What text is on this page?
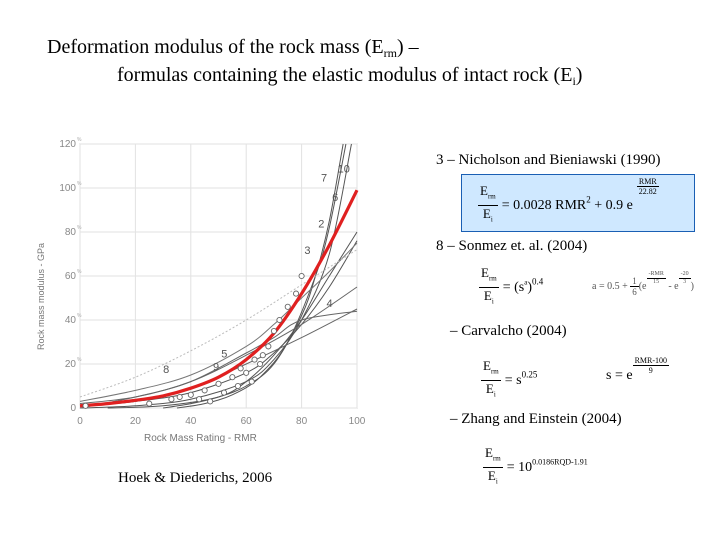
Deformation modulus of the rock mass $(E_{rm})$ –
formulas containing the elastic modulus of intact rock $(E_i)$
7
10
6
2
3
5
8	9
4
0	20	40	60	80	100
0
20 %
40 %
60 %
80 %
100 %
120 %
Rock mass modulus - GPa
Rock Mass Rating - RMR
3 – Nicholson and Bieniawski (1990)
$\frac{E_{rm}}{E_i} = 0.0028$ $RMR^2 + 0.9$ e
$\frac{\text{RMR}}{22.82}$
8 – Sonmez et. al. (2004)
$\frac{E_{rm}}{E_i} = (s^a)^{0.4}$	$a = 0.5 + \frac{1}{6} (e$
$\frac{\text{-RMR}}{15}$
- e
$\frac{-20}{3}$
)
– Carvalcho (2004)
$\frac{E_{rm}}{E_i} = s^{0.25}$	s = e
$\frac{\text{RMR-100}}{9}$
– Zhang and Einstein (2004)
$\frac{E_{rm}}{E_i} = 10^{0.0186RQD-1.91}$
Hoek & Diederichs, 2006
